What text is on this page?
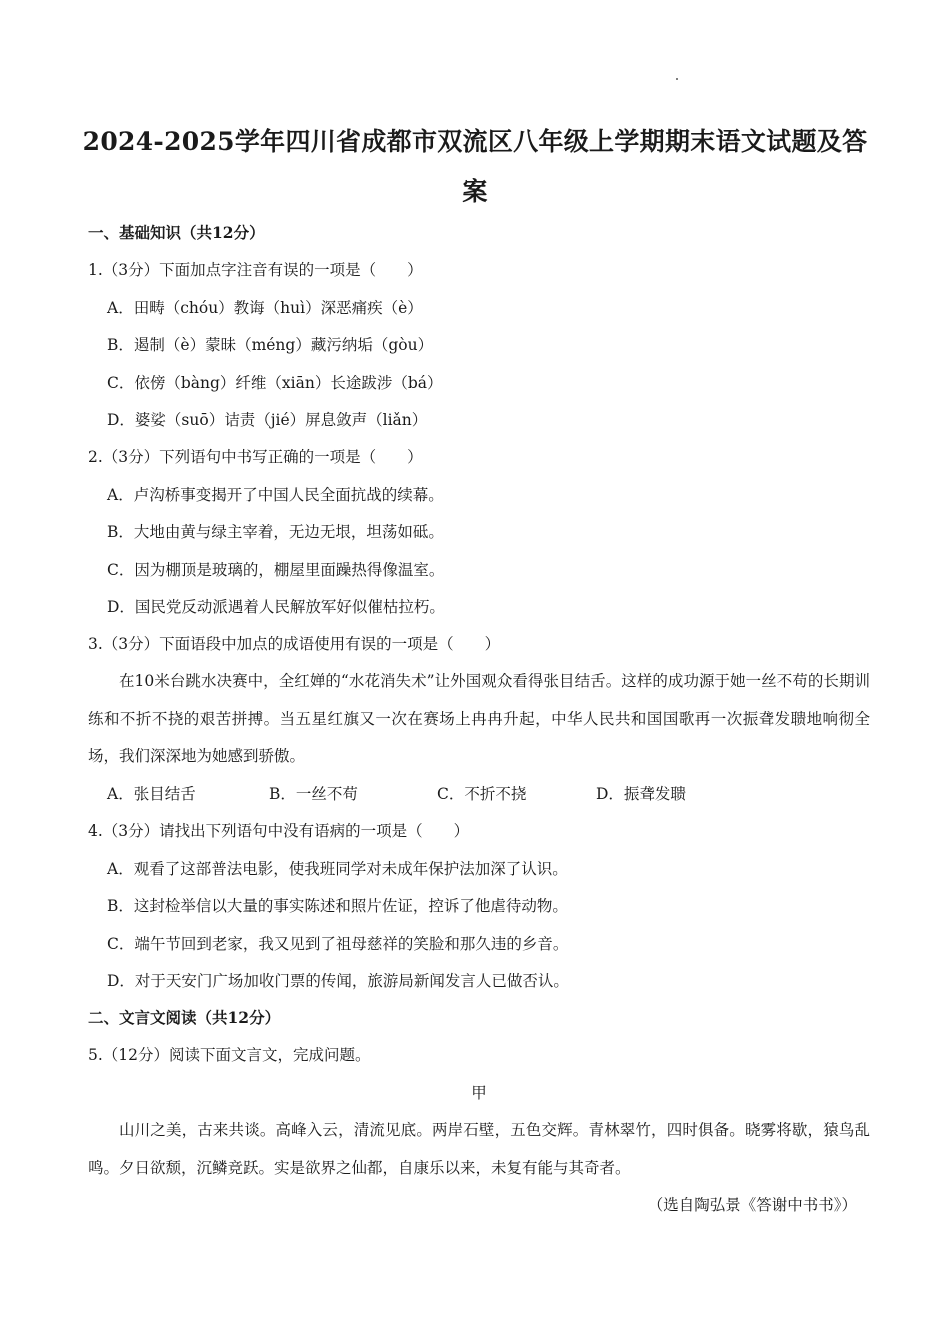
2024-2025学年四川省成都市双流区八年级上学期期末语文试题及答
案
一、基础知识（共12分）
1.（3分）下面加点字注音有误的一项是（　　）
A．田畴（chóu）教诲（huì）深恶痛疾（è）
B．遏制（è）蒙昧（méng）藏污纳垢（gòu）
C．依傍（bàng）纤维（xiān）长途跋涉（bá）
D．婆娑（suō）诘责（jié）屏息敛声（liǎn）
2.（3分）下列语句中书写正确的一项是（　　）
A．卢沟桥事变揭开了中国人民全面抗战的续幕。
B．大地由黄与绿主宰着，无边无垠，坦荡如砥。
C．因为棚顶是玻璃的，棚屋里面躁热得像温室。
D．国民党反动派遇着人民解放军好似催枯拉朽。
3.（3分）下面语段中加点的成语使用有误的一项是（　　）
在10米台跳水决赛中，全红婵的“水花消失术”让外国观众看得张目结舌。这样的成功源于她一丝不苟的长期训练和不折不挠的艰苦拼搏。当五星红旗又一次在赛场上冉冉升起，中华人民共和国国歌再一次振聋发聩地响彻全场，我们深深地为她感到骄傲。
A．张目结舌	B．一丝不苟	C．不折不挠	D．振聋发聩
4.（3分）请找出下列语句中没有语病的一项是（　　）
A．观看了这部普法电影，使我班同学对未成年保护法加深了认识。
B．这封检举信以大量的事实陈述和照片佐证，控诉了他虐待动物。
C．端午节回到老家，我又见到了祖母慈祥的笑脸和那久违的乡音。
D．对于天安门广场加收门票的传闻，旅游局新闻发言人已做否认。
二、文言文阅读（共12分）
5.（12分）阅读下面文言文，完成问题。
甲
山川之美，古来共谈。高峰入云，清流见底。两岸石壁，五色交辉。青林翠竹，四时俱备。晓雾将歇，猿鸟乱鸣。夕日欲颓，沉鳞竞跃。实是欲界之仙都，自康乐以来，未复有能与其奇者。
（选自陶弘景《答谢中书书》）
